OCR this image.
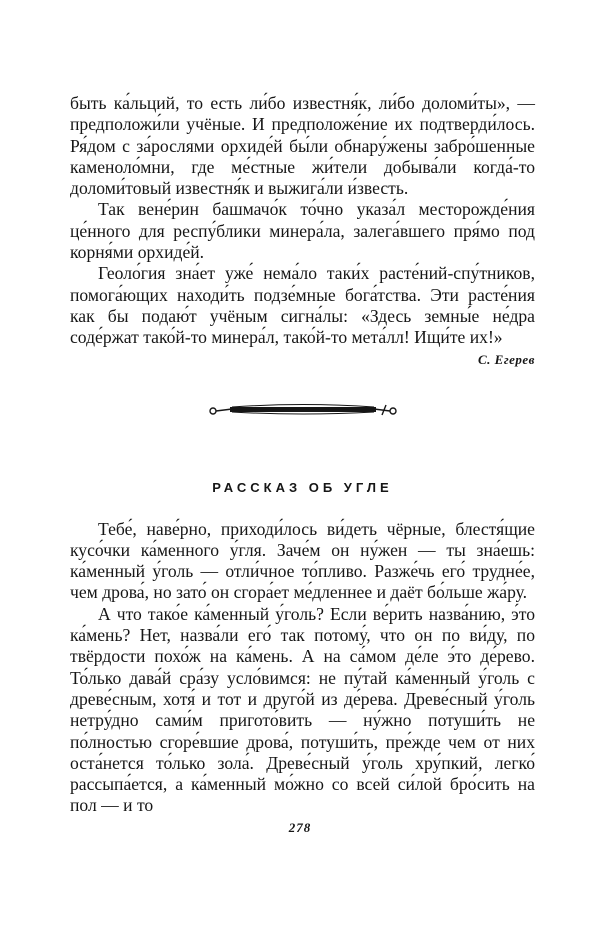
быть ка́льций, то есть ли́бо известня́к, ли́бо доломи́ты», — предположи́ли учёные. И предположе́ние их подтверди́лось. Ря́дом с за́рослями орхиде́й бы́ли обнару́жены забро́шенные каменоло́мни, где ме́стные жи́тели добыва́ли когда́-то доломи́товый известня́к и выжига́ли и́звесть.

Так вене́рин башмачо́к то́чно указа́л месторожде́ния це́нного для респу́блики минера́ла, залега́вшего пря́мо под корня́ми орхиде́й.

Геоло́гия зна́ет уже́ нема́ло таки́х расте́ний-спу́тников, помога́ющих находи́ть подзе́мные бога́тства. Эти расте́ния как бы подаю́т учёным сигна́лы: «Здесь земны́е не́дра соде́ржат тако́й-то минера́л, тако́й-то мета́лл! Ищи́те их!»

С. Егерев
РАССКАЗ ОБ УГЛЕ

Тебе́, наве́рно, приходи́лось ви́деть чёрные, блестя́щие кусо́чки ка́менного у́гля. Заче́м он ну́жен — ты зна́ешь: ка́менный у́голь — отли́чное то́пливо. Разже́чь его́ трудне́е, чем дрова́, но зато́ он сгора́ет ме́дленнее и даёт бо́льше жа́ру.

А что тако́е ка́менный у́голь? Если ве́рить назва́нию, э́то ка́мень? Нет, назва́ли его́ так потому́, что он по ви́ду, по твёрдости похо́ж на ка́мень. А на са́мом де́ле э́то де́рево. То́лько дава́й сра́зу усло́вимся: не пу́тай ка́менный у́голь с древе́сным, хотя́ и тот и друго́й из де́рева. Древе́сный у́голь нетру́дно сами́м пригото́вить — ну́жно потуши́ть не по́лностью сгоре́вшие дрова́, потуши́ть, пре́жде чем от них оста́нется то́лько зола́. Древе́сный у́голь хру́пкий, легко́ рассыпа́ется, а ка́менный мо́жно со всей си́лой бро́сить на пол — и то

278
